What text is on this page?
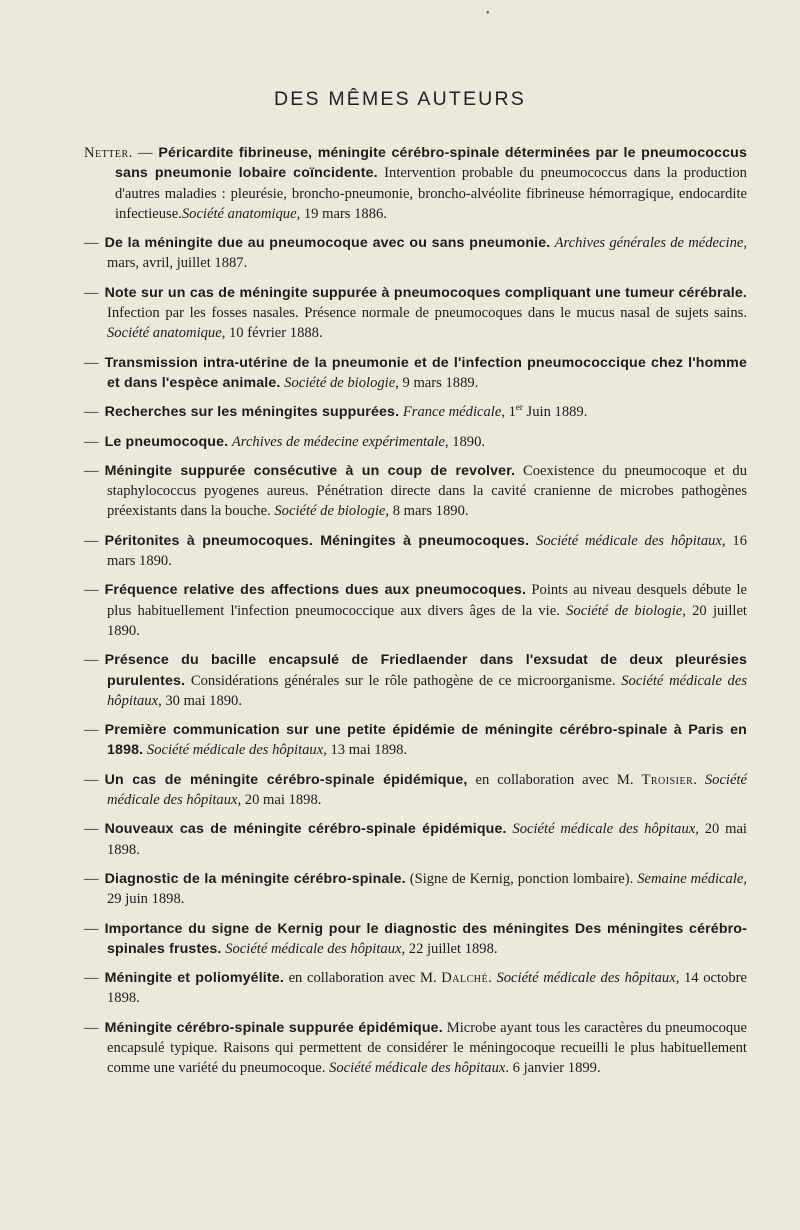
•
DES MÊMES AUTEURS

Netter. — Péricardite fibrineuse, méningite cérébro-spinale déterminées par le pneumococcus sans pneumonie lobaire coïncidente. Intervention probable du pneumococcus dans la production d'autres maladies : pleurésie, broncho-pneumonie, broncho-alvéolite fibrineuse hémorragique, endocardite infectieuse.Société anatomique, 19 mars 1886.

— De la méningite due au pneumocoque avec ou sans pneumonie. Archives générales de médecine, mars, avril, juillet 1887.

— Note sur un cas de méningite suppurée à pneumocoques compliquant une tumeur cérébrale. Infection par les fosses nasales. Présence normale de pneumocoques dans le mucus nasal de sujets sains. Société anatomique, 10 février 1888.

— Transmission intra-utérine de la pneumonie et de l'infection pneumococcique chez l'homme et dans l'espèce animale. Société de biologie, 9 mars 1889.

— Recherches sur les méningites suppurées. France médicale, 1er Juin 1889.

— Le pneumocoque. Archives de médecine expérimentale, 1890.

— Méningite suppurée consécutive à un coup de revolver. Coexistence du pneumocoque et du staphylococcus pyogenes aureus. Pénétration directe dans la cavité cranienne de microbes pathogènes préexistants dans la bouche. Société de biologie, 8 mars 1890.

— Péritonites à pneumocoques. Méningites à pneumocoques. Société médicale des hôpitaux, 16 mars 1890.

— Fréquence relative des affections dues aux pneumocoques. Points au niveau desquels débute le plus habituellement l'infection pneumococcique aux divers âges de la vie. Société de biologie, 20 juillet 1890.

— Présence du bacille encapsulé de Friedlaender dans l'exsudat de deux pleurésies purulentes. Considérations générales sur le rôle pathogène de ce microorganisme. Société médicale des hôpitaux, 30 mai 1890.

— Première communication sur une petite épidémie de méningite cérébro-spinale à Paris en 1898. Société médicale des hôpitaux, 13 mai 1898.

— Un cas de méningite cérébro-spinale épidémique, en collaboration avec M. Troisier. Société médicale des hôpitaux, 20 mai 1898.

— Nouveaux cas de méningite cérébro-spinale épidémique. Société médicale des hôpitaux, 20 mai 1898.

— Diagnostic de la méningite cérébro-spinale. (Signe de Kernig, ponction lombaire). Semaine médicale, 29 juin 1898.

— Importance du signe de Kernig pour le diagnostic des méningites Des méningites cérébro-spinales frustes. Société médicale des hôpitaux, 22 juillet 1898.

— Méningite et poliomyélite. en collaboration avec M. Dalché. Société médicale des hôpitaux, 14 octobre 1898.

— Méningite cérébro-spinale suppurée épidémique. Microbe ayant tous les caractères du pneumocoque encapsulé typique. Raisons qui permettent de considérer le méningocoque recueilli le plus habituellement comme une variété du pneumocoque. Société médicale des hôpitaux. 6 janvier 1899.
